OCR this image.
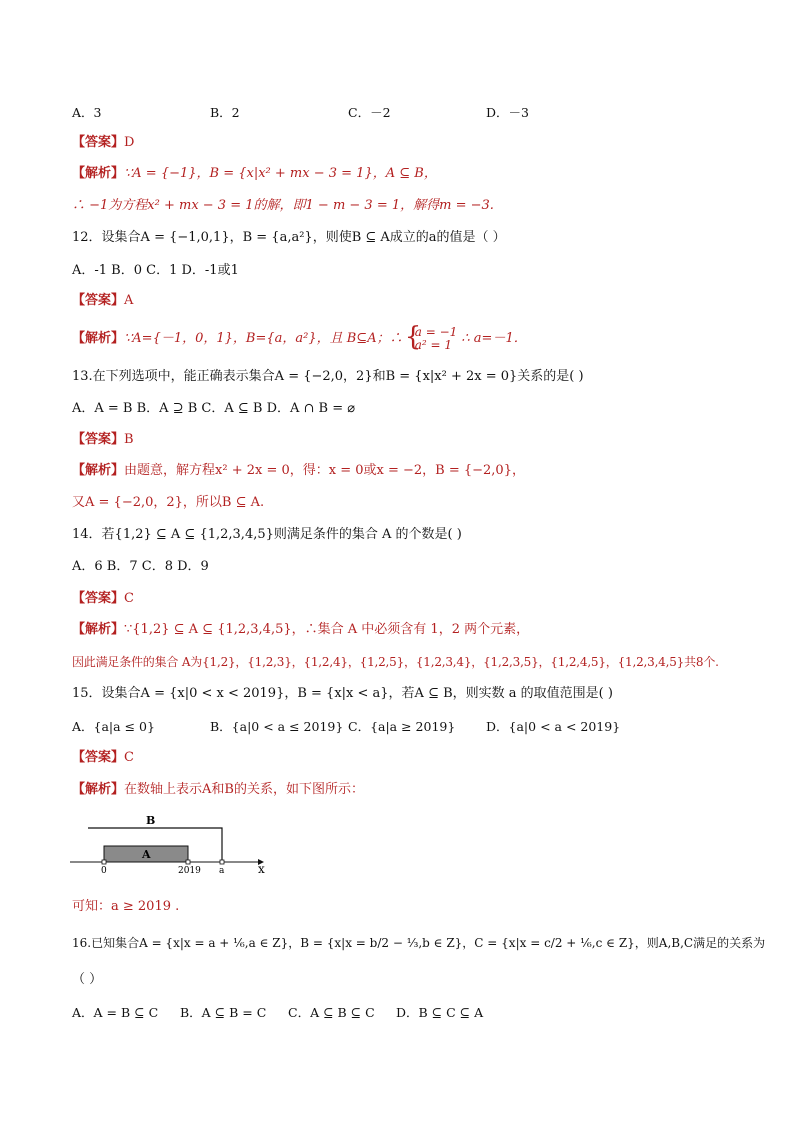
A．3	B．2	C．－2	D．－3
【答案】D
【解析】∵A = {−1}，B = {x|x² + mx − 3 = 1}，A ⊆ B，
∴ −1为方程x² + mx − 3 = 1的解，即1 − m − 3 = 1，解得m = −3.
12．设集合A = {−1,0,1}，B = {a,a²}，则使B ⊆ A成立的a的值是（ ）
A．-1 B．0 C．1 D．-1或1
【答案】A
【解析】∵A={－1，0，1}，B={a，a²}，且 B⊆A；∴
{ a = −1
a² = 1 ∴ a=－1．
13.在下列选项中，能正确表示集合A = {−2,0，2}和B = {x|x² + 2x = 0}关系的是( )
A．A = B B．A ⊇ B C．A ⊆ B D．A ∩ B = ⌀
【答案】B
【解析】由题意，解方程x² + 2x = 0，得：x = 0或x = −2，B = {−2,0}，
又A = {−2,0，2}，所以B ⊆ A.
14．若{1,2} ⊆ A ⊆ {1,2,3,4,5}则满足条件的集合 A 的个数是( )
A．6 B．7 C．8 D．9
【答案】C
【解析】∵{1,2} ⊆ A ⊆ {1,2,3,4,5}，∴集合 A 中必须含有 1，2 两个元素，
因此满足条件的集合 A为{1,2}，{1,2,3}，{1,2,4}，{1,2,5}，{1,2,3,4}，{1,2,3,5}，{1,2,4,5}，{1,2,3,4,5}共8个.
15．设集合A = {x|0 < x < 2019}，B = {x|x < a}，若A ⊆ B，则实数 a 的取值范围是( )
A．{a|a ≤ 0}	B．{a|0 < a ≤ 2019} C．{a|a ≥ 2019} D．{a|0 < a < 2019}
【答案】C
【解析】在数轴上表示A和B的关系，如下图所示：
B
A
0	2019 a	x
可知：a ≥ 2019 .
16.已知集合A = {x|x = a + ⅙,a ∈ Z}，B = {x|x = b/2 − ⅓,b ∈ Z}，C = {x|x = c/2 + ⅙,c ∈ Z}，则A,B,C满足的关系为
（ ）
A．A = B ⊆ C B．A ⊆ B = C C．A ⊆ B ⊆ C D．B ⊆ C ⊆ A
